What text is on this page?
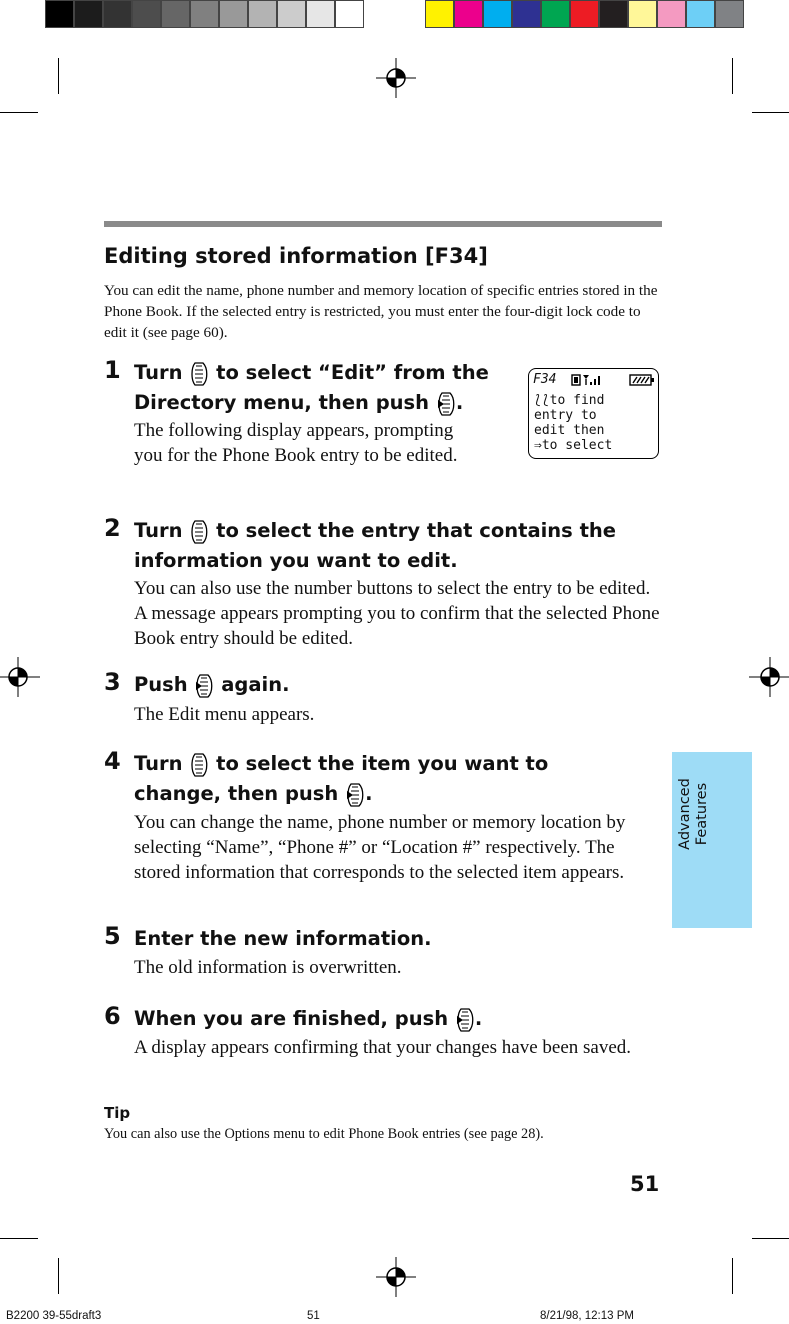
Editing stored information [F34]
You can edit the name, phone number and memory location of specific entries stored in the Phone Book. If the selected entry is restricted, you must enter the four-digit lock code to edit it (see page 60).
F34
⟅⟅to find
entry to
edit then
⇒to select
1 Turn to select “Edit” from the
Directory menu, then push .
The following display appears, prompting you for the Phone Book entry to be edited.
2 Turn to select the entry that contains the
information you want to edit.
You can also use the number buttons to select the entry to be edited. A message appears prompting you to confirm that the selected Phone Book entry should be edited.
3 Push again.
The Edit menu appears.
4 Turn to select the item you want to
change, then push .
You can change the name, phone number or memory location by selecting “Name”, “Phone #” or “Location #” respectively. The stored information that corresponds to the selected item appears.
5 Enter the new information.
The old information is overwritten.
6 When you are finished, push .
A display appears confirming that your changes have been saved.
Tip
You can also use the Options menu to edit Phone Book entries (see page 28).
Advanced Features
51
B2200 39-55draft3	51	8/21/98, 12:13 PM
